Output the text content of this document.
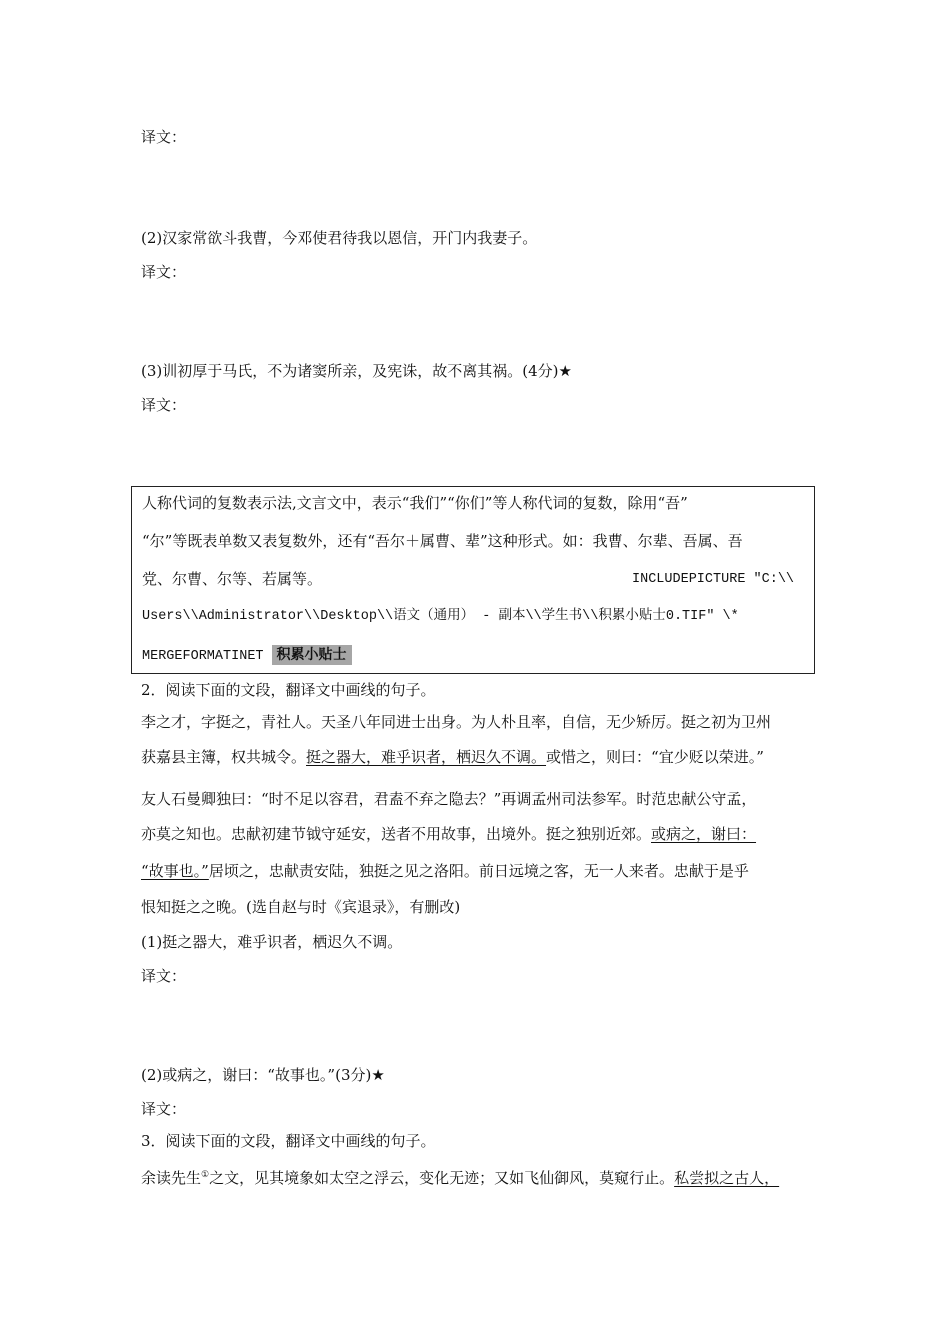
译文：
(2)汉家常欲斗我曹，今邓使君待我以恩信，开门内我妻子。
译文：
(3)训初厚于马氏，不为诸窦所亲，及宪诛，故不离其祸。(4分)★
译文：
人称代词的复数表示法,文言文中，表示“我们”“你们”等人称代词的复数，除用“吾”
“尔”等既表单数又表复数外，还有“吾尔＋属曹、辈”这种形式。如：我曹、尔辈、吾属、吾
党、尔曹、尔等、若属等。	INCLUDEPICTURE "C:\\
Users\\Administrator\\Desktop\\语文（通用） - 副本\\学生书\\积累小贴士0.TIF" \*
MERGEFORMATINET 积累小贴士
2．阅读下面的文段，翻译文中画线的句子。
李之才，字挺之，青社人。天圣八年同进士出身。为人朴且率，自信，无少矫厉。挺之初为卫州
获嘉县主簿，权共城令。挺之器大，难乎识者，栖迟久不调。或惜之，则曰：“宜少贬以荣进。”
友人石曼卿独曰：“时不足以容君，君盍不弃之隐去？”再调孟州司法参军。时范忠献公守孟，
亦莫之知也。忠献初建节钺守延安，送者不用故事，出境外。挺之独别近郊。或病之，谢曰：
“故事也。”居顷之，忠献责安陆，独挺之见之洛阳。前日远境之客，无一人来者。忠献于是乎
恨知挺之之晚。(选自赵与时《宾退录》，有删改)
(1)挺之器大，难乎识者，栖迟久不调。
译文：
(2)或病之，谢曰：“故事也。”(3分)★
译文：
3．阅读下面的文段，翻译文中画线的句子。
余读先生①之文，见其境象如太空之浮云，变化无迹；又如飞仙御风，莫窥行止。私尝拟之古人，
